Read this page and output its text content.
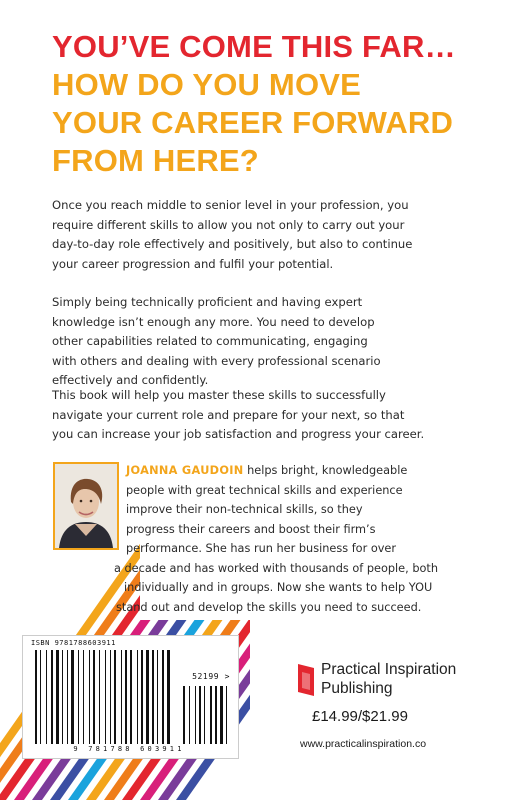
YOU’VE COME THIS FAR…
HOW DO YOU MOVE
YOUR CAREER FORWARD
FROM HERE?
Once you reach middle to senior level in your profession, you
require different skills to allow you not only to carry out your
day-to-day role effectively and positively, but also to continue
your career progression and fulfil your potential.
Simply being technically proficient and having expert
knowledge isn’t enough any more. You need to develop
other capabilities related to communicating, engaging
with others and dealing with every professional scenario
effectively and confidently.
This book will help you master these skills to successfully
navigate your current role and prepare for your next, so that
you can increase your job satisfaction and progress your career.
JOANNA GAUDOIN helps bright, knowledgeable
people with great technical skills and experience
improve their non-technical skills, so they
progress their careers and boost their firm’s
performance. She has run her business for over
a decade and has worked with thousands of people, both
individually and in groups. Now she wants to help YOU
stand out and develop the skills you need to succeed.
ISBN 9781788603911
52199 >
9 781788 603911
Practical Inspiration
Publishing
£14.99/$21.99
www.practicalinspiration.co
